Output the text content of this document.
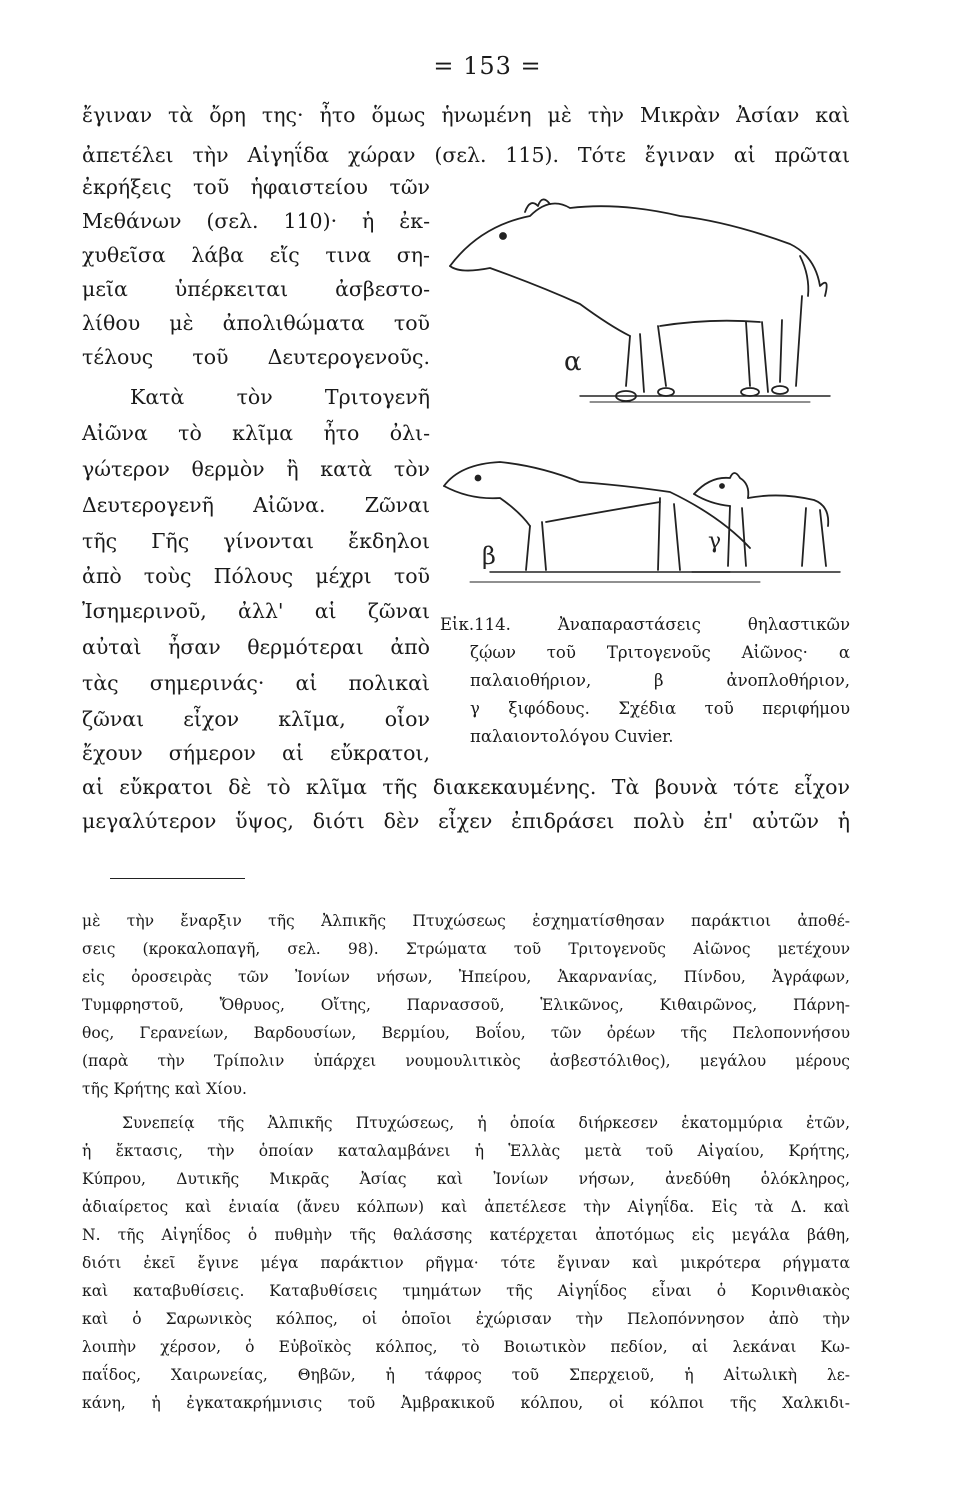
= 153 =
ἔγιναν τὰ ὄρη της· ἦτο ὅμως ἡνωμένη μὲ τὴν Μικρὰν Ἀσίαν καὶ
ἀπετέλει τὴν Αἰγηΐδα χώραν (σελ. 115). Τότε ἔγιναν αἱ πρῶται
ἐκρήξεις τοῦ ἡφαιστείου τῶν
Μεθάνων (σελ. 110)· ἡ ἐκ-
χυθεῖσα λάβα εἴς τινα ση-
μεῖα ὑπέρκειται ἀσβεστο-
λίθου μὲ ἀπολιθώματα τοῦ
τέλους τοῦ Δευτερογενοῦς.
Κατὰ τὸν Τριτογενῆ
Αἰῶνα τὸ κλῖμα ἦτο ὀλι-
γώτερον θερμὸν ἢ κατὰ τὸν
Δευτερογενῆ Αἰῶνα. Ζῶναι
τῆς Γῆς γίνονται ἔκδηλοι
ἀπὸ τοὺς Πόλους μέχρι τοῦ
Ἰσημερινοῦ, ἀλλ' αἱ ζῶναι
αὐταὶ ἦσαν θερμότεραι ἀπὸ
τὰς σημερινάς· αἱ πολικαὶ
ζῶναι εἶχον κλῖμα, οἷον
ἔχουν σήμερον αἱ εὔκρατοι,
α
β
γ
Εἰκ.114. Ἀναπαραστάσεις θηλαστικῶν
ζῴων τοῦ Τριτογενοῦς Αἰῶνος· α
παλαιοθήριον, β ἀνοπλοθήριον,
γ ξιφόδους. Σχέδια τοῦ περιφήμου
παλαιοντολόγου Cuvier.
αἱ εὔκρατοι δὲ τὸ κλῖμα τῆς διακεκαυμένης. Τὰ βουνὰ τότε εἶχον
μεγαλύτερον ὕψος, διότι δὲν εἶχεν ἐπιδράσει πολὺ ἐπ' αὐτῶν ἡ
μὲ τὴν ἔναρξιν τῆς Ἀλπικῆς Πτυχώσεως ἐσχηματίσθησαν παράκτιοι ἀποθέ-
σεις (κροκαλοπαγῆ, σελ. 98). Στρώματα τοῦ Τριτογενοῦς Αἰῶνος μετέχουν
εἰς ὀροσειρὰς τῶν Ἰονίων νήσων, Ἠπείρου, Ἀκαρνανίας, Πίνδου, Ἀγράφων,
Τυμφρηστοῦ, Ὄθρυος, Οἴτης, Παρνασσοῦ, Ἑλικῶνος, Κιθαιρῶνος, Πάρνη-
θος, Γερανείων, Βαρδουσίων, Βερμίου, Βοΐου, τῶν ὀρέων τῆς Πελοποννήσου
(παρὰ τὴν Τρίπολιν ὑπάρχει νουμουλιτικὸς ἀσβεστόλιθος), μεγάλου μέρους
τῆς Κρήτης καὶ Χίου.
Συνεπείᾳ τῆς Ἀλπικῆς Πτυχώσεως, ἡ ὁποία διήρκεσεν ἑκατομμύρια ἐτῶν,
ἡ ἔκτασις, τὴν ὁποίαν καταλαμβάνει ἡ Ἑλλὰς μετὰ τοῦ Αἰγαίου, Κρήτης,
Κύπρου, Δυτικῆς Μικρᾶς Ἀσίας καὶ Ἰονίων νήσων, ἀνεδύθη ὁλόκληρος,
ἀδιαίρετος καὶ ἐνιαία (ἄνευ κόλπων) καὶ ἀπετέλεσε τὴν Αἰγηΐδα. Εἰς τὰ Δ. καὶ
Ν. τῆς Αἰγηΐδος ὁ πυθμὴν τῆς θαλάσσης κατέρχεται ἀποτόμως εἰς μεγάλα βάθη,
διότι ἐκεῖ ἔγινε μέγα παράκτιον ρῆγμα· τότε ἔγιναν καὶ μικρότερα ρήγματα
καὶ καταβυθίσεις. Καταβυθίσεις τμημάτων τῆς Αἰγηΐδος εἶναι ὁ Κορινθιακὸς
καὶ ὁ Σαρωνικὸς κόλπος, οἱ ὁποῖοι ἐχώρισαν τὴν Πελοπόννησον ἀπὸ τὴν
λοιπὴν χέρσον, ὁ Εὐβοϊκὸς κόλπος, τὸ Βοιωτικὸν πεδίον, αἱ λεκάναι Κω-
παΐδος, Χαιρωνείας, Θηβῶν, ἡ τάφρος τοῦ Σπερχειοῦ, ἡ Αἰτωλικὴ λε-
κάνη, ἡ ἐγκατακρήμνισις τοῦ Ἀμβρακικοῦ κόλπου, οἱ κόλποι τῆς Χαλκιδι-
